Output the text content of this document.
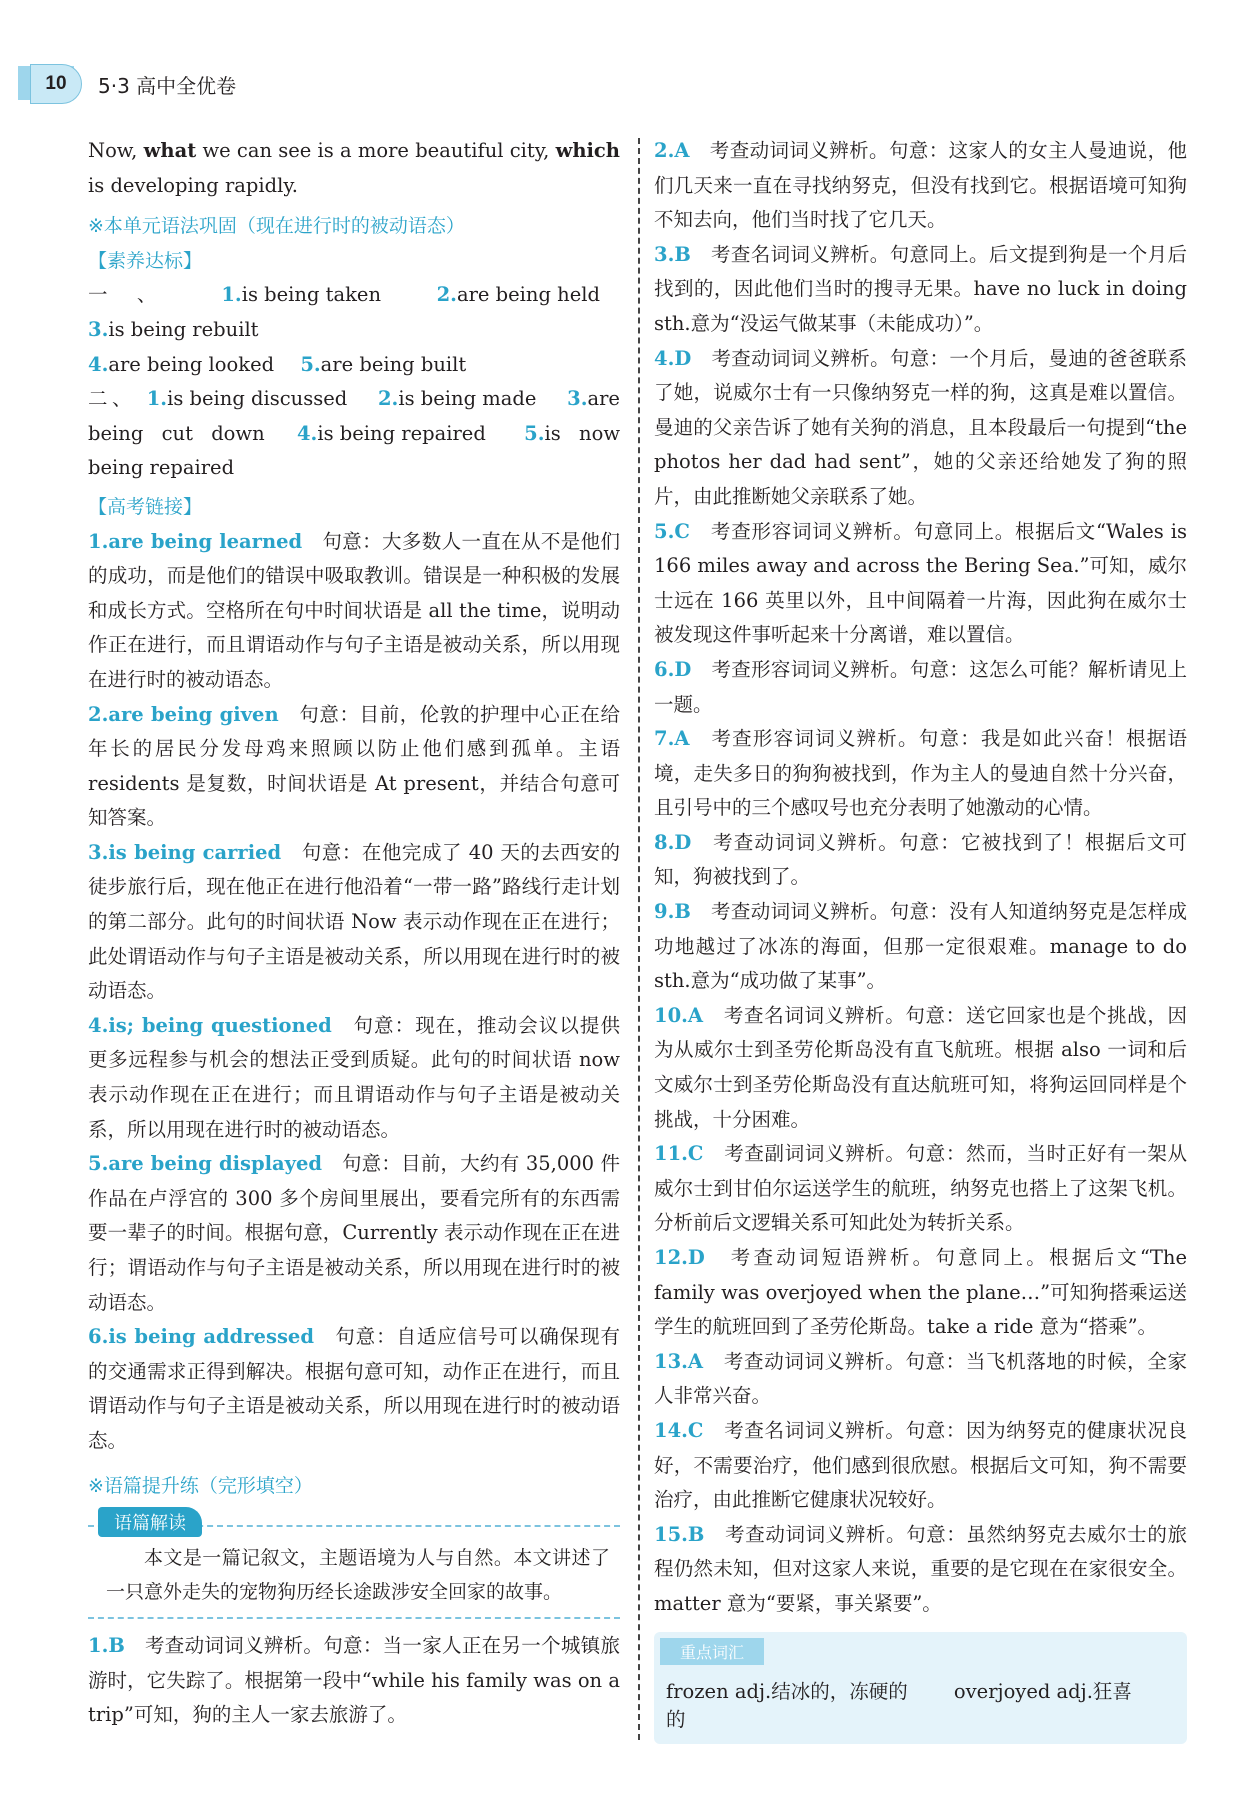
10	5·3 高中全优卷

Now, what we can see is a more beautiful city, which is developing rapidly.

※本单元语法巩固（现在进行时的被动语态）
【素养达标】

一、 1.is being taken	2.are being held 3.is being rebuilt
4.are being looked 5.are being built

二、 1.is being discussed 2.is being made 3.are being cut down 4.is being repaired 5.is now being repaired

【高考链接】

1.are being learned　句意：大多数人一直在从不是他们的成功，而是他们的错误中吸取教训。错误是一种积极的发展和成长方式。空格所在句中时间状语是 all the time，说明动作正在进行，而且谓语动作与句子主语是被动关系，所以用现在进行时的被动语态。

2.are being given　句意：目前，伦敦的护理中心正在给年长的居民分发母鸡来照顾以防止他们感到孤单。主语 residents 是复数，时间状语是 At present，并结合句意可知答案。

3.is being carried　句意：在他完成了 40 天的去西安的徒步旅行后，现在他正在进行他沿着“一带一路”路线行走计划的第二部分。此句的时间状语 Now 表示动作现在正在进行；此处谓语动作与句子主语是被动关系，所以用现在进行时的被动语态。

4.is; being questioned　句意：现在，推动会议以提供更多远程参与机会的想法正受到质疑。此句的时间状语 now 表示动作现在正在进行；而且谓语动作与句子主语是被动关系，所以用现在进行时的被动语态。

5.are being displayed　句意：目前，大约有 35,000 件作品在卢浮宫的 300 多个房间里展出，要看完所有的东西需要一辈子的时间。根据句意，Currently 表示动作现在正在进行；谓语动作与句子主语是被动关系，所以用现在进行时的被动语态。

6.is being addressed　句意：自适应信号可以确保现有的交通需求正得到解决。根据句意可知，动作正在进行，而且谓语动作与句子主语是被动关系，所以用现在进行时的被动语态。

※语篇提升练（完形填空）
语篇解读

本文是一篇记叙文，主题语境为人与自然。本文讲述了一只意外走失的宠物狗历经长途跋涉安全回家的故事。

1.B　考查动词词义辨析。句意：当一家人正在另一个城镇旅游时，它失踪了。根据第一段中“while his family was on a trip”可知，狗的主人一家去旅游了。

2.A　考查动词词义辨析。句意：这家人的女主人曼迪说，他们几天来一直在寻找纳努克，但没有找到它。根据语境可知狗不知去向，他们当时找了它几天。

3.B　考查名词词义辨析。句意同上。后文提到狗是一个月后找到的，因此他们当时的搜寻无果。have no luck in doing sth.意为“没运气做某事（未能成功）”。

4.D　考查动词词义辨析。句意：一个月后，曼迪的爸爸联系了她，说威尔士有一只像纳努克一样的狗，这真是难以置信。曼迪的父亲告诉了她有关狗的消息，且本段最后一句提到“the photos her dad had sent”，她的父亲还给她发了狗的照片，由此推断她父亲联系了她。

5.C　考查形容词词义辨析。句意同上。根据后文“Wales is 166 miles away and across the Bering Sea.”可知，威尔士远在 166 英里以外，且中间隔着一片海，因此狗在威尔士被发现这件事听起来十分离谱，难以置信。

6.D　考查形容词词义辨析。句意：这怎么可能？解析请见上一题。

7.A　考查形容词词义辨析。句意：我是如此兴奋！根据语境，走失多日的狗狗被找到，作为主人的曼迪自然十分兴奋，且引号中的三个感叹号也充分表明了她激动的心情。

8.D　考查动词词义辨析。句意：它被找到了！根据后文可知，狗被找到了。

9.B　考查动词词义辨析。句意：没有人知道纳努克是怎样成功地越过了冰冻的海面，但那一定很艰难。manage to do sth.意为“成功做了某事”。

10.A　考查名词词义辨析。句意：送它回家也是个挑战，因为从威尔士到圣劳伦斯岛没有直飞航班。根据 also 一词和后文威尔士到圣劳伦斯岛没有直达航班可知，将狗运回同样是个挑战，十分困难。

11.C　考查副词词义辨析。句意：然而，当时正好有一架从威尔士到甘伯尔运送学生的航班，纳努克也搭上了这架飞机。分析前后文逻辑关系可知此处为转折关系。

12.D　考查动词短语辨析。句意同上。根据后文“The family was overjoyed when the plane…”可知狗搭乘运送学生的航班回到了圣劳伦斯岛。take a ride 意为“搭乘”。

13.A　考查动词词义辨析。句意：当飞机落地的时候，全家人非常兴奋。

14.C　考查名词词义辨析。句意：因为纳努克的健康状况良好，不需要治疗，他们感到很欣慰。根据后文可知，狗不需要治疗，由此推断它健康状况较好。

15.B　考查动词词义辨析。句意：虽然纳努克去威尔士的旅程仍然未知，但对这家人来说，重要的是它现在在家很安全。matter 意为“要紧，事关紧要”。

重点词汇
frozen adj.结冰的，冻硬的 overjoyed adj.狂喜的
